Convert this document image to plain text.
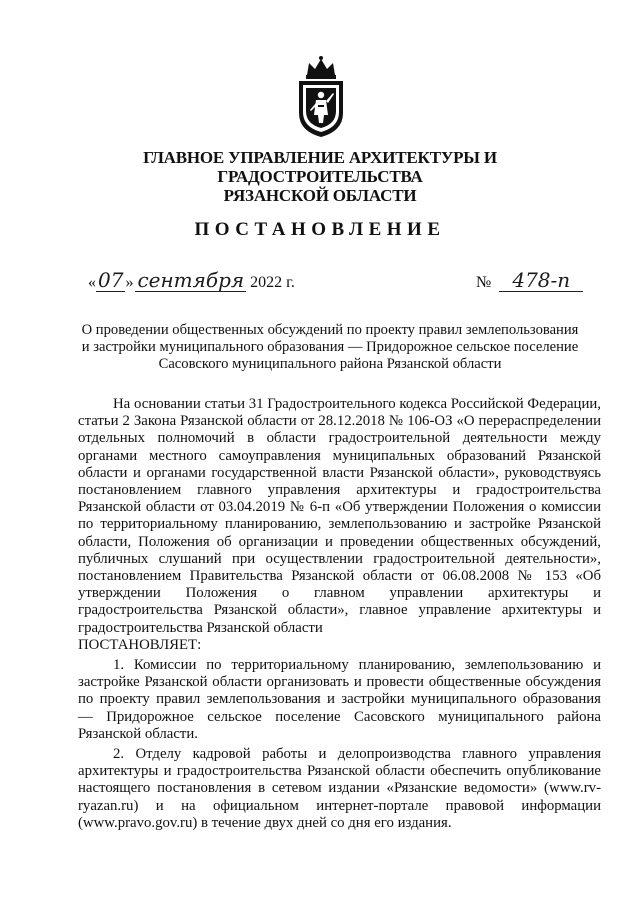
ГЛАВНОЕ УПРАВЛЕНИЕ АРХИТЕКТУРЫ И ГРАДОСТРОИТЕЛЬСТВА
РЯЗАНСКОЙ ОБЛАСТИ
ПОСТАНОВЛЕНИЕ
« 07 » сентября 2022 г.	№	478-п
О проведении общественных обсуждений по проекту правил землепользования
и застройки муниципального образования — Придорожное сельское поселение
Сасовского муниципального района Рязанской области

На основании статьи 31 Градостроительного кодекса Российской Федерации, статьи 2 Закона Рязанской области от 28.12.2018 № 106-ОЗ «О перераспределении отдельных полномочий в области градостроительной деятельности между органами местного самоуправления муниципальных образований Рязанской области и органами государственной власти Рязанской области», руководствуясь постановлением главного управления архитектуры и градостроительства Рязанской области от 03.04.2019 № 6-п «Об утверждении Положения о комиссии по территориальному планированию, землепользованию и застройке Рязанской области, Положения об организации и проведении общественных обсуждений, публичных слушаний при осуществлении градостроительной деятельности», постановлением Правительства Рязанской области от 06.08.2008 № 153 «Об утверждении Положения о главном управлении архитектуры и градостроительства Рязанской области», главное управление архитектуры и градостроительства Рязанской области

ПОСТАНОВЛЯЕТ:

1. Комиссии по территориальному планированию, землепользованию и застройке Рязанской области организовать и провести общественные обсуждения по проекту правил землепользования и застройки муниципального образования — Придорожное сельское поселение Сасовского муниципального района Рязанской области.

2. Отделу кадровой работы и делопроизводства главного управления архитектуры и градостроительства Рязанской области обеспечить опубликование настоящего постановления в сетевом издании «Рязанские ведомости» (www.rv-ryazan.ru) и на официальном интернет-портале правовой информации (www.pravo.gov.ru) в течение двух дней со дня его издания.
